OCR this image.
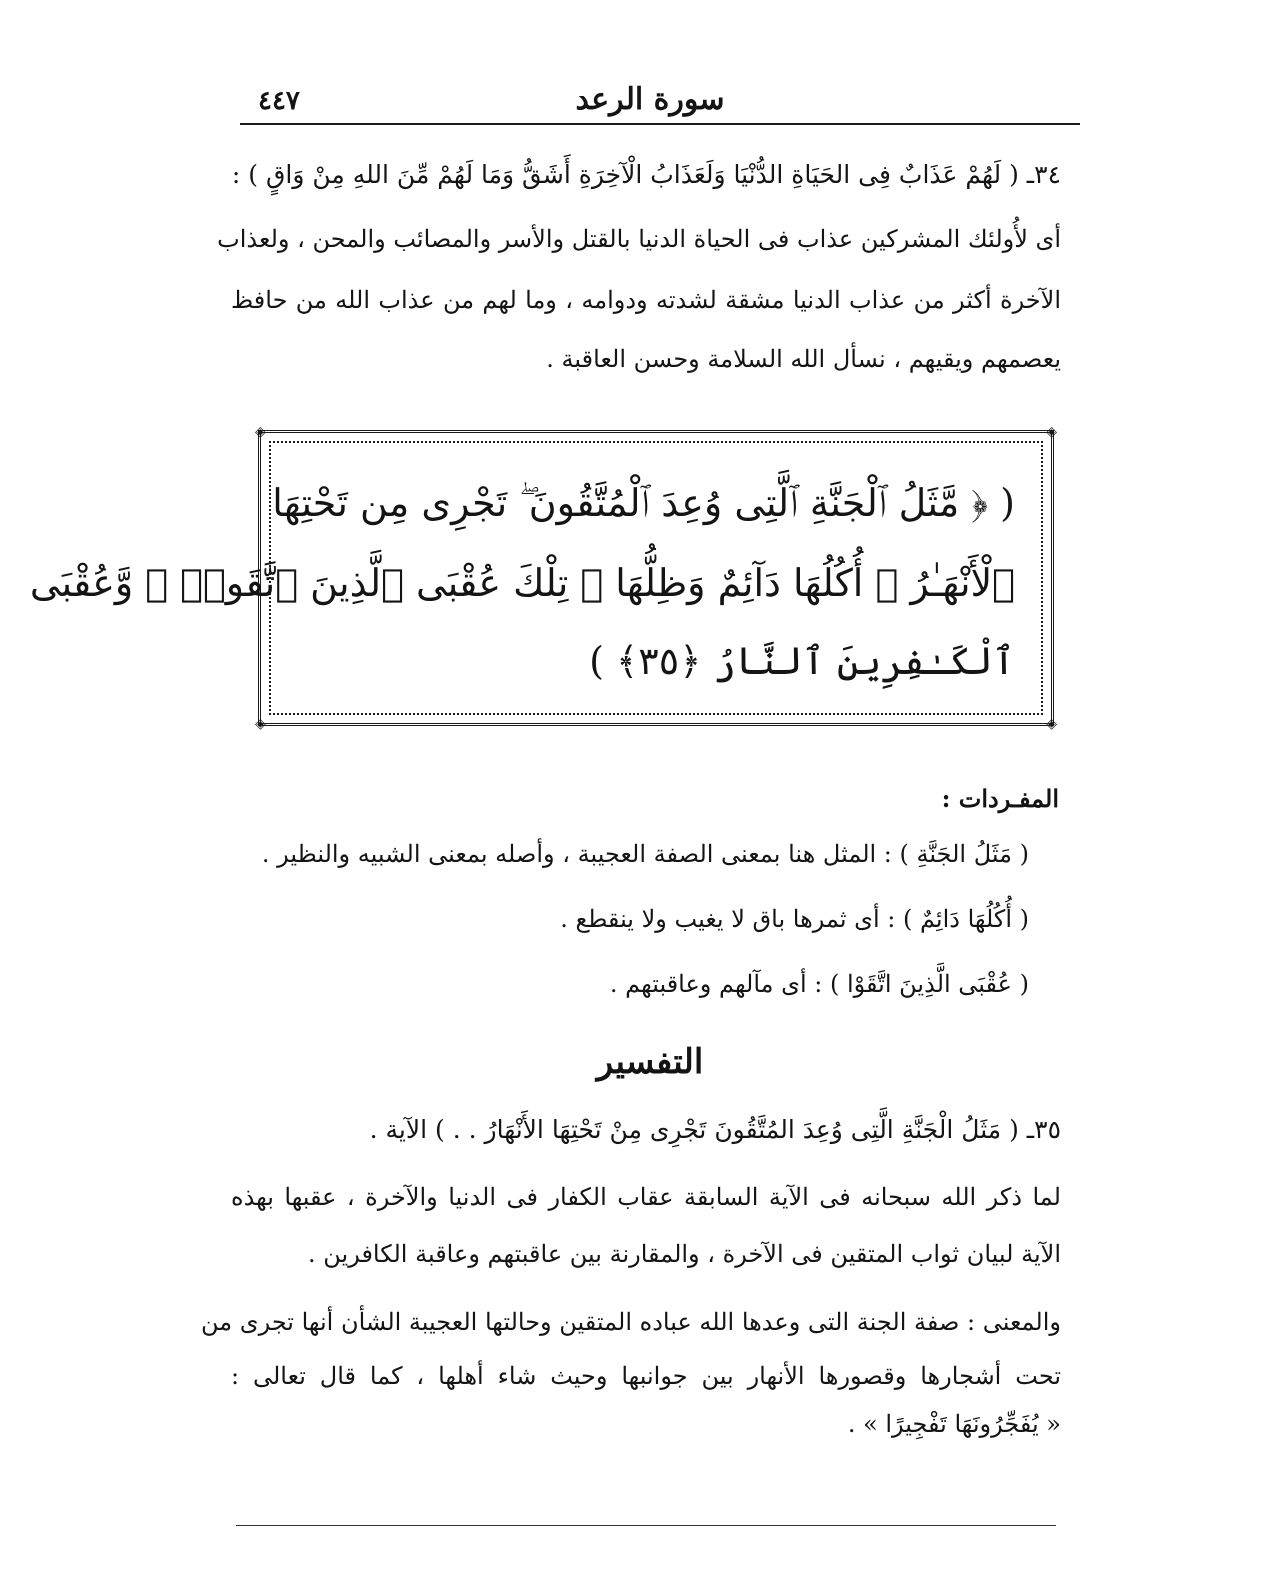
٤٤٧	سورة الرعد
٣٤ـ ( لَهُمْ عَذَابٌ فِى الحَيَاةِ الدُّنْيَا وَلَعَذَابُ الْآخِرَةِ أَشَقُّ وَمَا لَهُمْ مِّنَ اللهِ مِنْ وَاقٍ ) :
أى لأُولئك المشركين عذاب فى الحياة الدنيا بالقتل والأسر والمصائب والمحن ، ولعذاب
الآخرة أكثر من عذاب الدنيا مشقة لشدته ودوامه ، وما لهم من عذاب الله من حافظ
يعصمهم ويقيهم ، نسأل الله السلامة وحسن العاقبة .
◈	◈
◈	◈
( ﴿ مَّثَلُ ٱلْجَنَّةِ ٱلَّتِى وُعِدَ ٱلْمُتَّقُونَ ۖ تَجْرِى مِن تَحْتِهَا
ٱلْأَنْهَـٰرُ ۖ أُكُلُهَا دَآئِمٌ وَظِلُّهَا ۚ تِلْكَ عُقْبَى ٱلَّذِينَ ٱتَّقَوا۟ ۖ وَّعُقْبَى
ٱلْكَـٰفِرِينَ ٱلنَّارُ ﴿٣٥﴾ )
المفـردات :
( مَثَلُ الجَنَّةِ ) : المثل هنا بمعنى الصفة العجيبة ، وأصله بمعنى الشبيه والنظير .
( أُكُلُهَا دَائِمٌ ) : أى ثمرها باق لا يغيب ولا ينقطع .
( عُقْبَى الَّذِينَ اتَّقَوْا ) : أى مآلهم وعاقبتهم .
التفسير
٣٥ـ ( مَثَلُ الْجَنَّةِ الَّتِى وُعِدَ المُتَّقُونَ تَجْرِى مِنْ تَحْتِهَا الأَنْهَارُ . . ) الآية .
لما ذكر الله سبحانه فى الآية السابقة عقاب الكفار فى الدنيا والآخرة ، عقبها بهذه
الآية لبيان ثواب المتقين فى الآخرة ، والمقارنة بين عاقبتهم وعاقبة الكافرين .
والمعنى : صفة الجنة التى وعدها الله عباده المتقين وحالتها العجيبة الشأن أنها تجرى من
تحت أشجارها وقصورها الأنهار بين جوانبها وحيث شاء أهلها ، كما قال تعالى :
« يُفَجِّرُونَهَا تَفْجِيرًا » .
